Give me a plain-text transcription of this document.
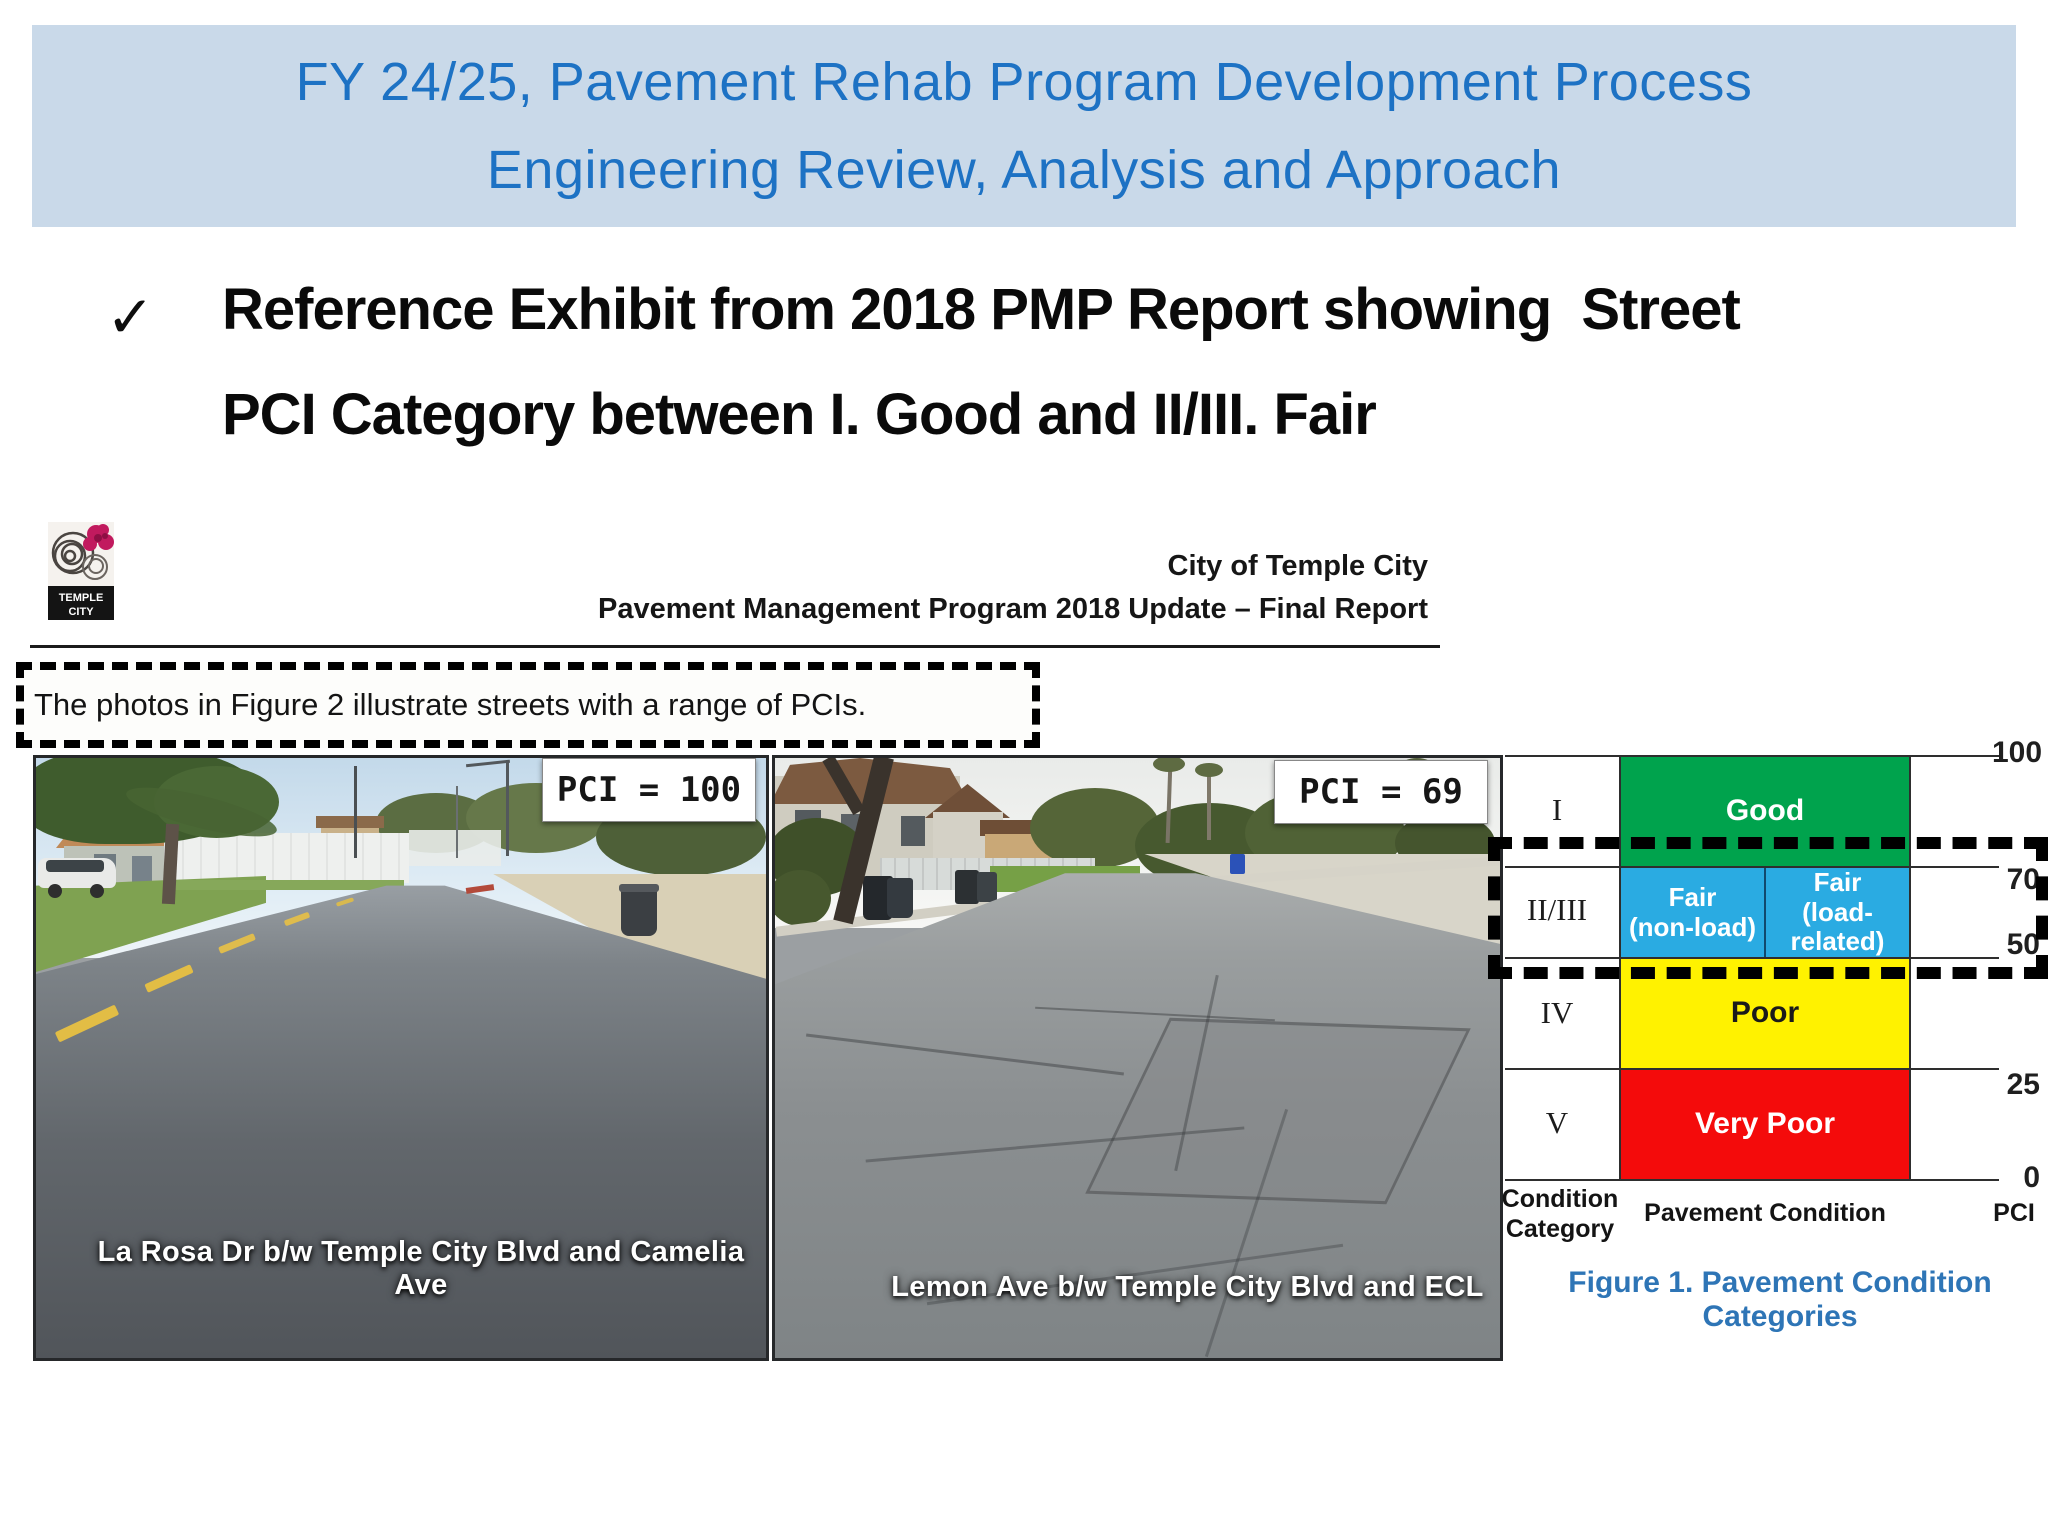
FY 24/25, Pavement Rehab Program Development Process
Engineering Review, Analysis and Approach
✓ Reference Exhibit from 2018 PMP Report showing  Street
PCI Category between I. Good and II/III. Fair
TEMPLE
CITY
City of Temple City
Pavement Management Program 2018 Update – Final Report
The photos in Figure 2 illustrate streets with a range of PCIs.
PCI = 100
La Rosa Dr b/w Temple City Blvd and Camelia Ave
PCI = 69
Lemon Ave b/w Temple City Blvd and ECL
I
II/III
IV
V
Good
Fair
(non-load)
Fair
(load-related)
Poor
Very Poor
100
70
50
25
0
Condition
Category
Pavement Condition	PCI
Figure 1. Pavement Condition Categories
